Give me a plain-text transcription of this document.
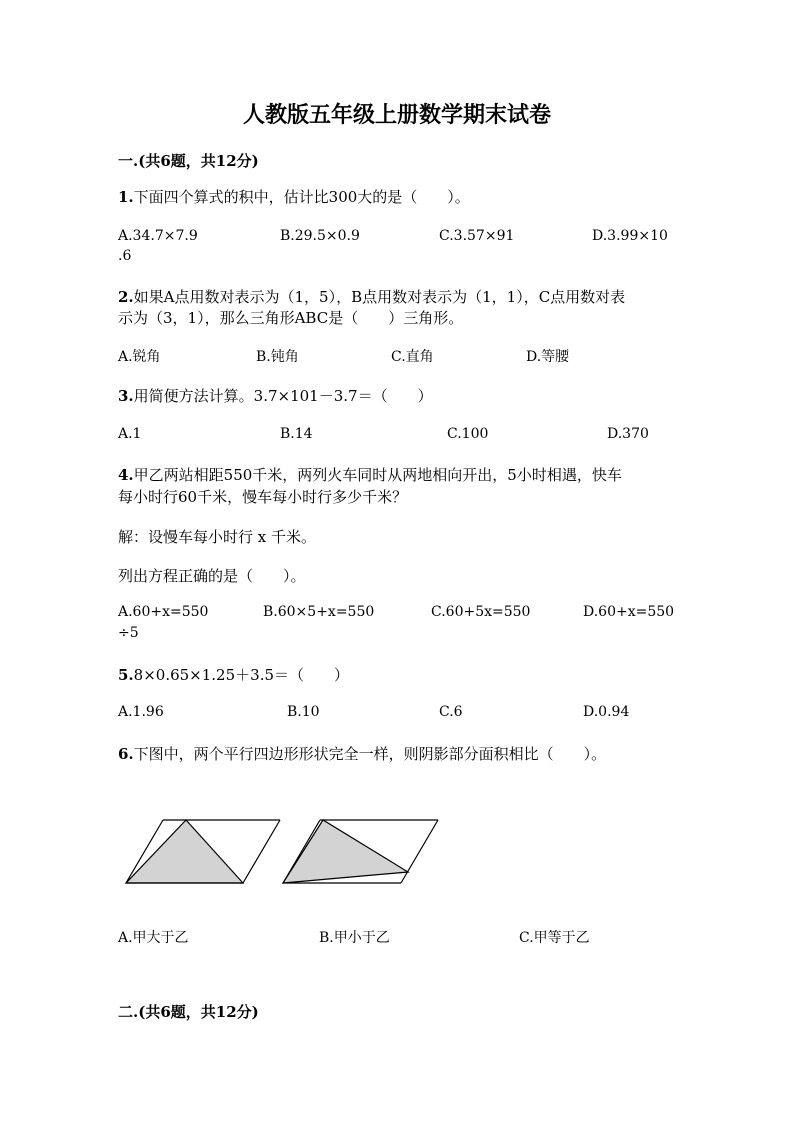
人教版五年级上册数学期末试卷
一.(共6题，共12分)
1.下面四个算式的积中，估计比300大的是（　　）。
A.34.7×7.9	B.29.5×0.9	C.3.57×91	D.3.99×10
.6
2.如果A点用数对表示为（1，5），B点用数对表示为（1，1），C点用数对表
示为（3，1），那么三角形ABC是（　　）三角形。
A.锐角	B.钝角	C.直角	D.等腰
3.用简便方法计算。3.7×101－3.7＝（　　）
A.1	B.14	C.100	D.370
4.甲乙两站相距550千米，两列火车同时从两地相向开出，5小时相遇，快车
每小时行60千米，慢车每小时行多少千米？
解：设慢车每小时行 x 千米。
列出方程正确的是（　　）。
A.60+x=550	B.60×5+x=550	C.60+5x=550	D.60+x=550
÷5
5.8×0.65×1.25＋3.5＝（　　）
A.1.96	B.10	C.6	D.0.94
6.下图中，两个平行四边形形状完全一样，则阴影部分面积相比（　　）。
A.甲大于乙	B.甲小于乙	C.甲等于乙
二.(共6题，共12分)
